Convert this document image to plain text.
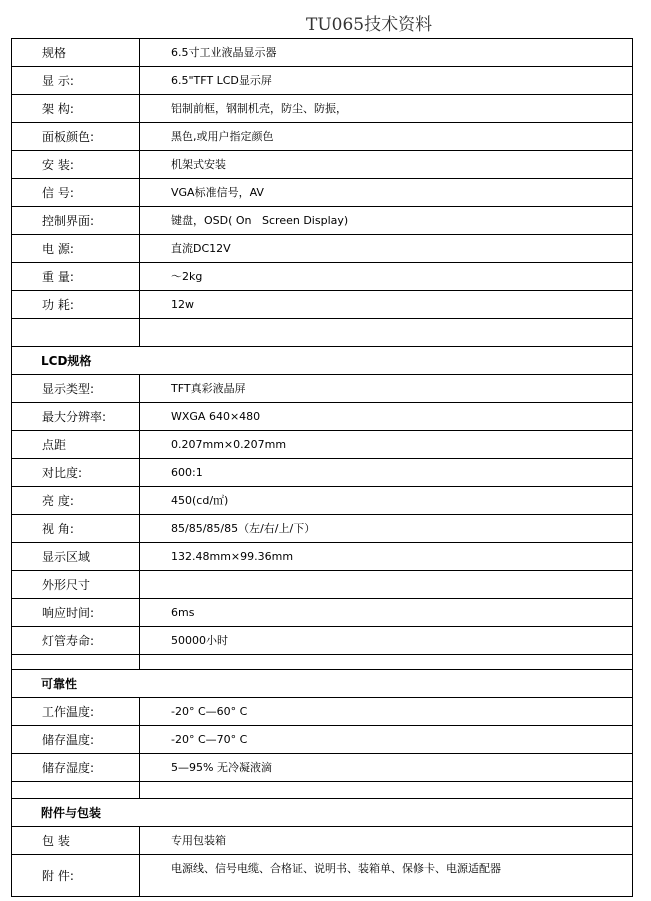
TU065技术资料
规格	6.5寸工业液晶显示器
显 示:	6.5"TFT LCD显示屏
架 构:	铝制前框，钢制机壳，防尘、防振，
面板颜色:	黑色,或用户指定颜色
安 装:	机架式安装
信 号:	VGA标准信号，AV
控制界面:	键盘，OSD( On   Screen Display)
电 源:	直流DC12V
重 量:	～2kg
功 耗:	12w

LCD规格	
显示类型:	TFT真彩液晶屏
最大分辨率:	WXGA 640×480
点距	0.207mm×0.207mm
对比度:	600:1
亮 度:	450(cd/㎡)
视 角:	85/85/85/85（左/右/上/下）
显示区域	132.48mm×99.36mm
外形尺寸	
响应时间:	6ms
灯管寿命:	50000小时

可靠性	
工作温度:	-20° C—60° C
储存温度:	-20° C—70° C
储存湿度:	5—95% 无冷凝液滴

附件与包装	
包 装	专用包装箱
附 件:	电源线、信号电缆、合格证、说明书、装箱单、保修卡、电源适配器
